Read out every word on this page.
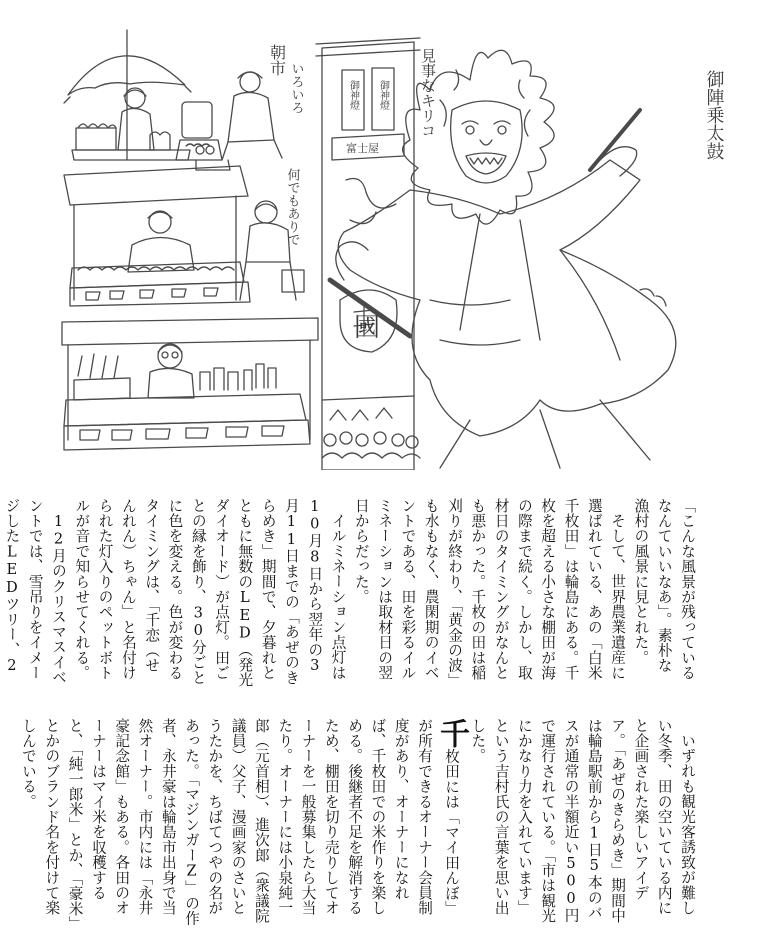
御神燈 御神燈
富士屋
國
朝市
いろいろ
何でもありで
見事なキリコ	御陣乗太鼓

「こんな風景が残っているなんていいなあ」。素朴な漁村の風景に見とれた。

そして、世界農業遺産に選ばれている、あの「白米千枚田」は輪島にある。千枚を超える小さな棚田が海の際まで続く。しかし、取材日のタイミングがなんとも悪かった。千枚の田は稲刈りが終わり、「黄金の波」も水もなく、農閑期のイベントである、田を彩るイルミネーションは取材日の翌日からだった。

イルミネーション点灯は10月8日から翌年の3月11日までの「あぜのきらめき」期間で、夕暮れとともに無数のLED（発光ダイオード）が点灯。田ごとの縁を飾り、30分ごとに色を変える。色が変わるタイミングは、「千恋（せんれん）ちゃん」と名付けられた灯入りのペットボトルが音で知らせてくれる。

12月のクリスマスイベントでは、雪吊りをイメージしたLEDツリー、2

いずれも観光客誘致が難しい冬季、田の空いている内にと企画された楽しいアイデア。「あぜのきらめき」期間中は輪島駅前から1日5本のバスが通常の半額近い500円で運行されている。「市は観光にかなり力を入れています」という吉村氏の言葉を思い出した。

千枚田には「マイ田んぼ」が所有できるオーナー会員制度があり、オーナーになれば、千枚田での米作りを楽しめる。後継者不足を解消するため、棚田を切り売りしてオーナーを一般募集したら大当たり。オーナーには小泉純一郎（元首相）、進次郎（衆議院議員）父子、漫画家のさいとうたかを、ちばてつやの名があった。「マジンガーZ」の作者、永井豪は輪島市出身で当然オーナー。市内には「永井豪記念館」もある。各田のオーナーはマイ米を収穫すると、「純一郎米」とか、「豪米」とかのブランド名を付けて楽しんでいる。
